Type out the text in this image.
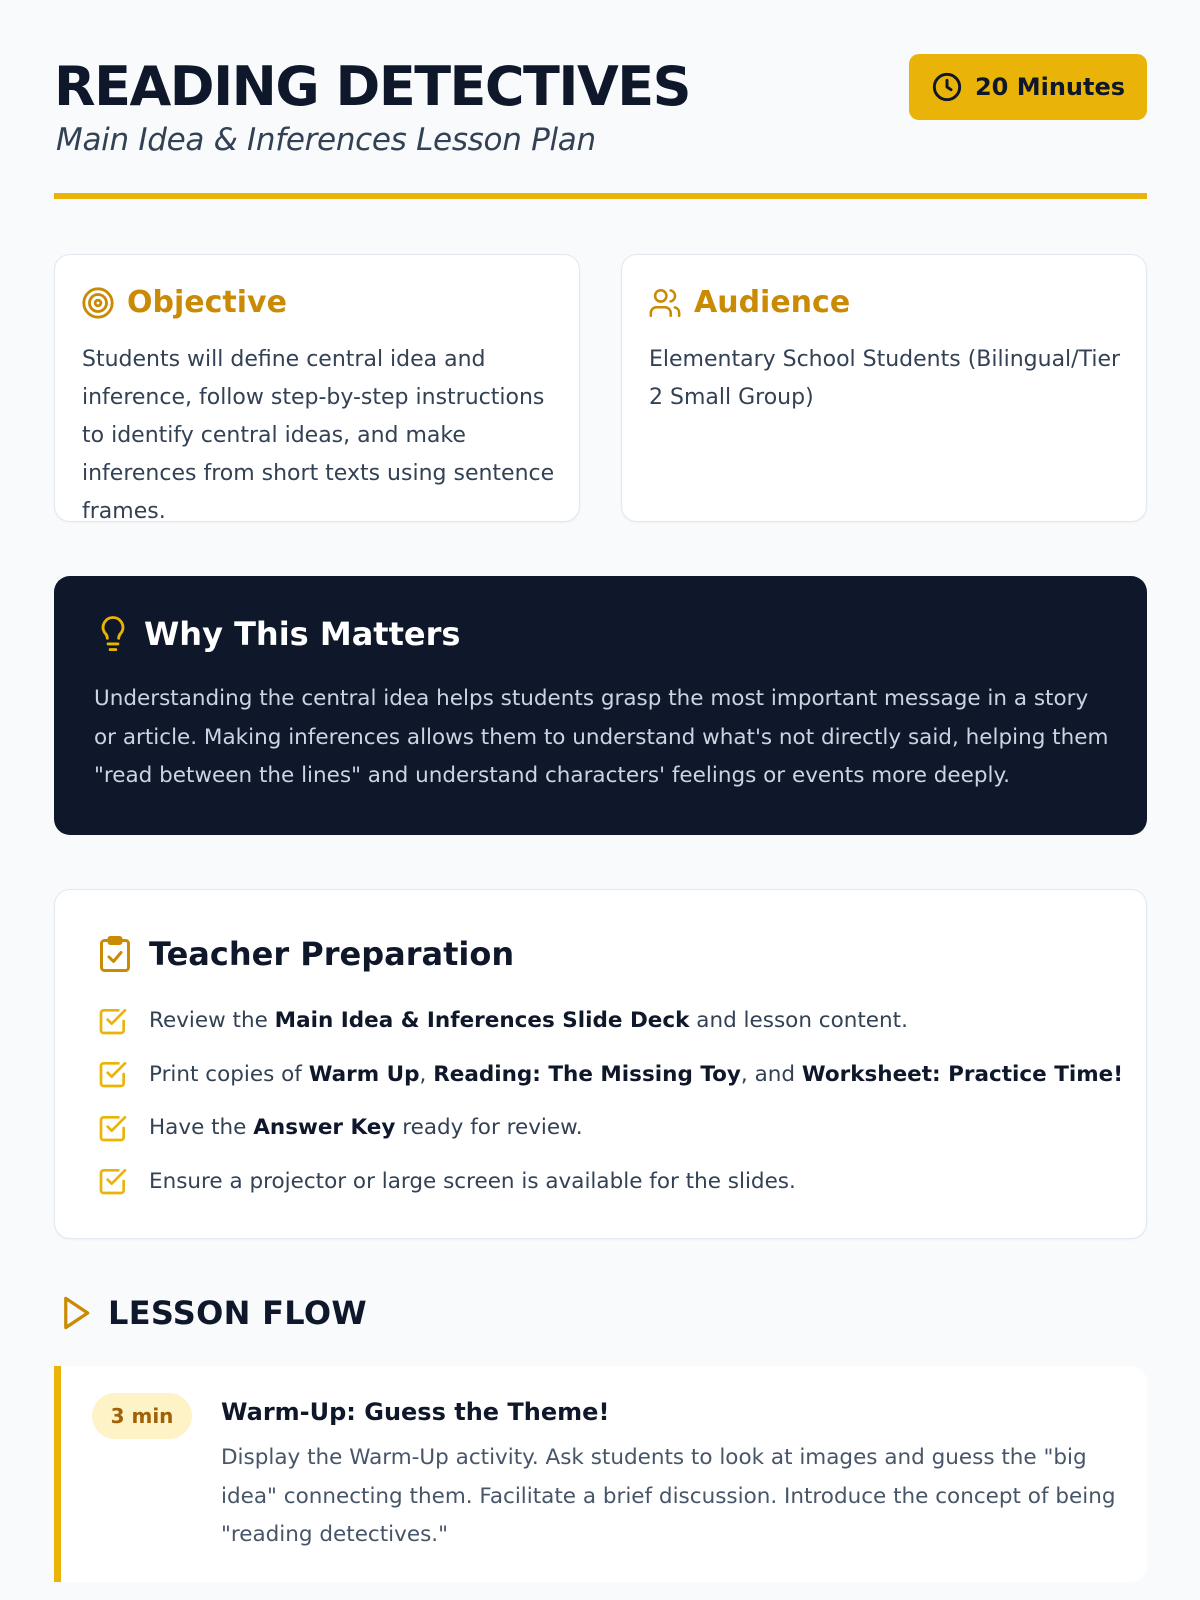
READING DETECTIVES
Main Idea & Inferences Lesson Plan
20 Minutes
Objective
Students will define central idea and inference, follow step-by-step instructions to identify central ideas, and make inferences from short texts using sentence frames.
Audience
Elementary School Students (Bilingual/Tier 2 Small Group)
Why This Matters
Understanding the central idea helps students grasp the most important message in a story or article. Making inferences allows them to understand what's not directly said, helping them "read between the lines" and understand characters' feelings or events more deeply.
Teacher Preparation
Review the Main Idea & Inferences Slide Deck and lesson content.
Print copies of Warm Up, Reading: The Missing Toy, and Worksheet: Practice Time!
Have the Answer Key ready for review.
Ensure a projector or large screen is available for the slides.
LESSON FLOW
3 min	Warm-Up: Guess the Theme!
Display the Warm-Up activity. Ask students to look at images and guess the "big idea" connecting them. Facilitate a brief discussion. Introduce the concept of being "reading detectives."
